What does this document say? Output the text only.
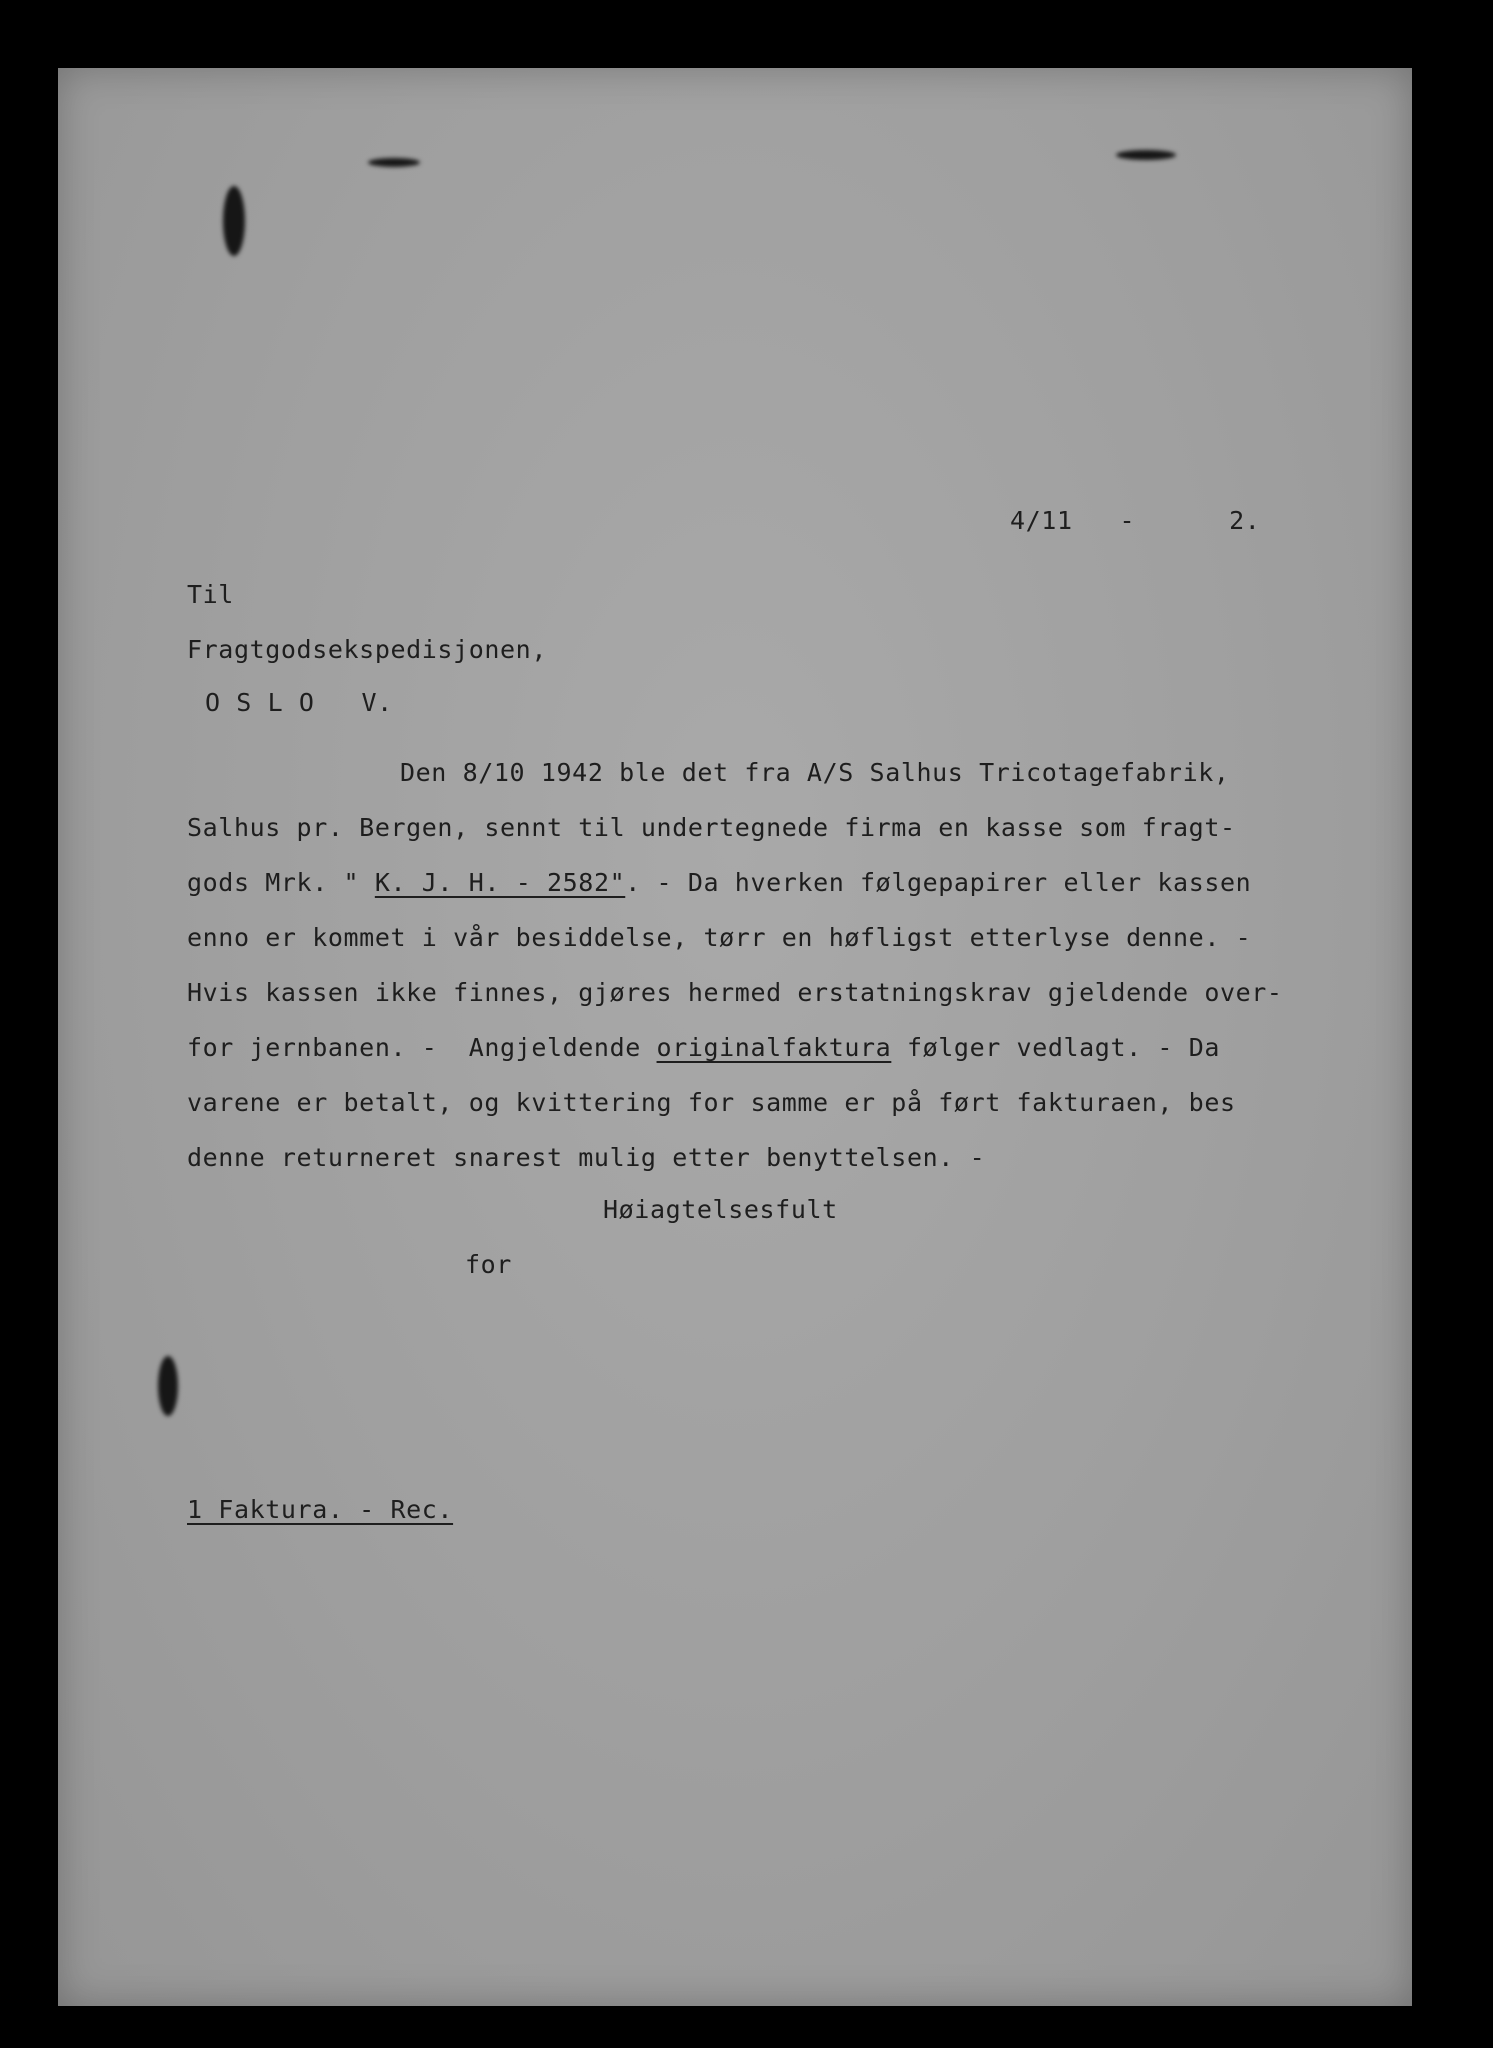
4/11   -      2.
Til
Fragtgodsekspedisjonen,
O S L O   V.
Den 8/10 1942 ble det fra A/S Salhus Tricotagefabrik,
Salhus pr. Bergen, sennt til undertegnede firma en kasse som fragt-
gods Mrk. " K. J. H. - 2582". - Da hverken følgepapirer eller kassen
enno er kommet i vår besiddelse, tørr en høfligst etterlyse denne. -
Hvis kassen ikke finnes, gjøres hermed erstatningskrav gjeldende over-
for jernbanen. -  Angjeldende originalfaktura følger vedlagt. - Da
varene er betalt, og kvittering for samme er på ført fakturaen, bes
denne returneret snarest mulig etter benyttelsen. -
Høiagtelsesfult
for
1 Faktura. - Rec.
